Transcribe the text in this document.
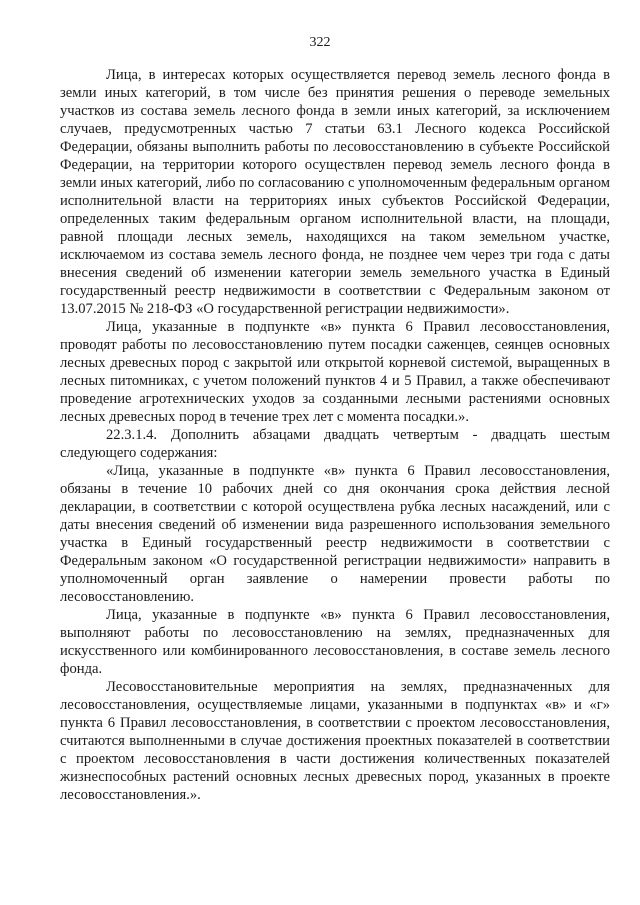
322

Лица, в интересах которых осуществляется перевод земель лесного фонда в земли иных категорий, в том числе без принятия решения о переводе земельных участков из состава земель лесного фонда в земли иных категорий, за исключением случаев, предусмотренных частью 7 статьи 63.1 Лесного кодекса Российской Федерации, обязаны выполнить работы по лесовосстановлению в субъекте Российской Федерации, на территории которого осуществлен перевод земель лесного фонда в земли иных категорий, либо по согласованию с уполномоченным федеральным органом исполнительной власти на территориях иных субъектов Российской Федерации, определенных таким федеральным органом исполнительной власти, на площади, равной площади лесных земель, находящихся на таком земельном участке, исключаемом из состава земель лесного фонда, не позднее чем через три года с даты внесения сведений об изменении категории земель земельного участка в Единый государственный реестр недвижимости в соответствии с Федеральным законом от 13.07.2015 № 218-ФЗ «О государственной регистрации недвижимости».

Лица, указанные в подпункте «в» пункта 6 Правил лесовосстановления, проводят работы по лесовосстановлению путем посадки саженцев, сеянцев основных лесных древесных пород с закрытой или открытой корневой системой, выращенных в лесных питомниках, с учетом положений пунктов 4 и 5 Правил, а также обеспечивают проведение агротехнических уходов за созданными лесными растениями основных лесных древесных пород в течение трех лет с момента посадки.».

22.3.1.4. Дополнить абзацами двадцать четвертым - двадцать шестым следующего содержания:

«Лица, указанные в подпункте «в» пункта 6 Правил лесовосстановления, обязаны в течение 10 рабочих дней со дня окончания срока действия лесной декларации, в соответствии с которой осуществлена рубка лесных насаждений, или с даты внесения сведений об изменении вида разрешенного использования земельного участка в Единый государственный реестр недвижимости в соответствии с Федеральным законом «О государственной регистрации недвижимости» направить в уполномоченный орган заявление о намерении провести работы по лесовосстановлению.

Лица, указанные в подпункте «в» пункта 6 Правил лесовосстановления, выполняют работы по лесовосстановлению на землях, предназначенных для искусственного или комбинированного лесовосстановления, в составе земель лесного фонда.

Лесовосстановительные мероприятия на землях, предназначенных для лесовосстановления, осуществляемые лицами, указанными в подпунктах «в» и «г» пункта 6 Правил лесовосстановления, в соответствии с проектом лесовосстановления, считаются выполненными в случае достижения проектных показателей в соответствии с проектом лесовосстановления в части достижения количественных показателей жизнеспособных растений основных лесных древесных пород, указанных в проекте лесовосстановления.».
